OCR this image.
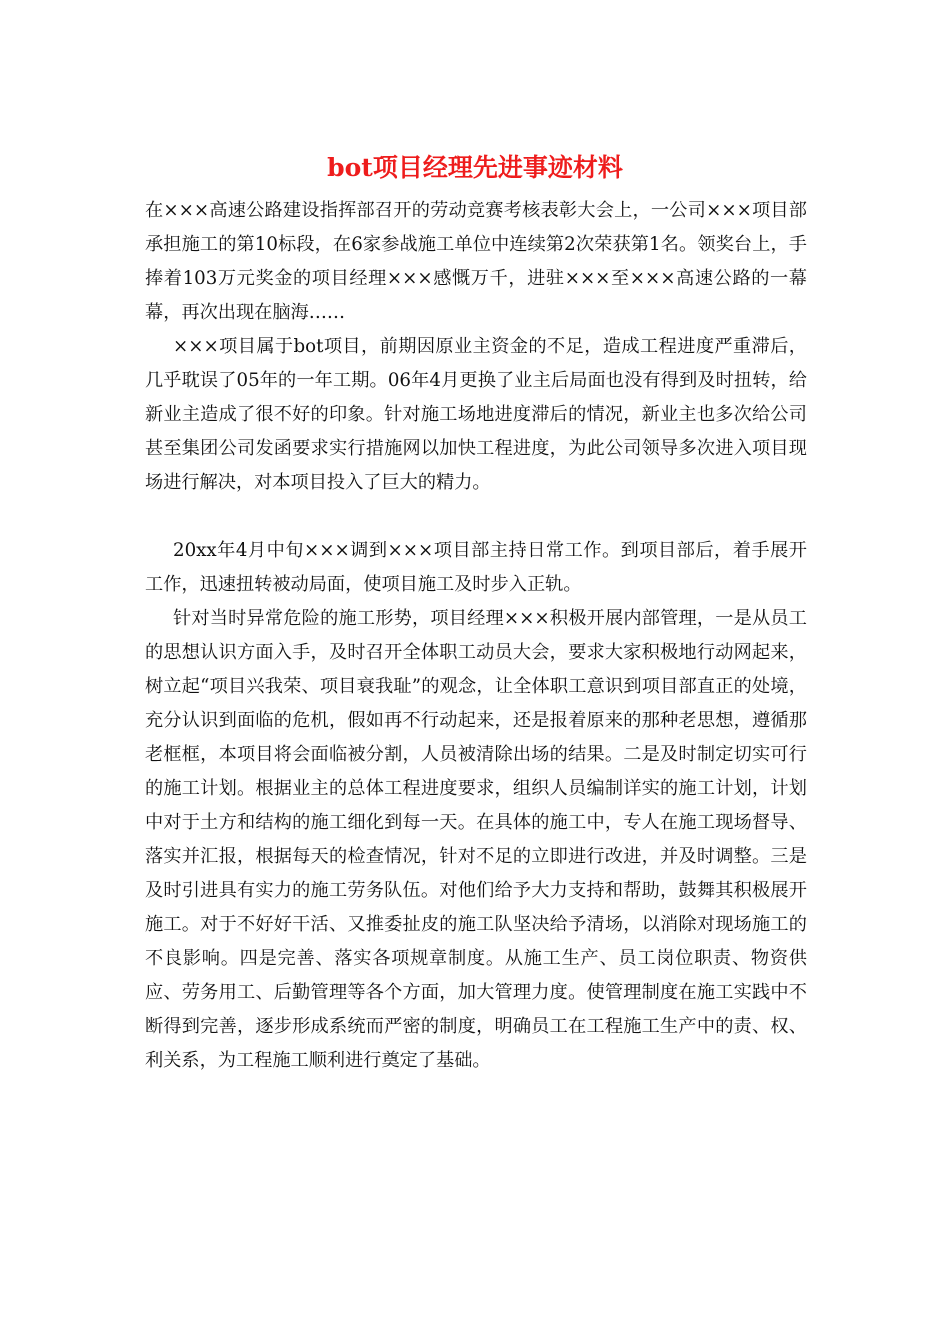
bot项目经理先进事迹材料

在×××高速公路建设指挥部召开的劳动竞赛考核表彰大会上，一公司×××项目部承担施工的第10标段，在6家参战施工单位中连续第2次荣获第1名。领奖台上，手捧着103万元奖金的项目经理×××感慨万千，进驻×××至×××高速公路的一幕幕，再次出现在脑海……

×××项目属于bot项目，前期因原业主资金的不足，造成工程进度严重滞后，几乎耽误了05年的一年工期。06年4月更换了业主后局面也没有得到及时扭转，给新业主造成了很不好的印象。针对施工场地进度滞后的情况，新业主也多次给公司甚至集团公司发函要求实行措施网以加快工程进度，为此公司领导多次进入项目现场进行解决，对本项目投入了巨大的精力。

20xx年4月中旬×××调到×××项目部主持日常工作。到项目部后，着手展开工作，迅速扭转被动局面，使项目施工及时步入正轨。

针对当时异常危险的施工形势，项目经理×××积极开展内部管理，一是从员工的思想认识方面入手，及时召开全体职工动员大会，要求大家积极地行动网起来，树立起“项目兴我荣、项目衰我耻”的观念，让全体职工意识到项目部直正的处境，充分认识到面临的危机，假如再不行动起来，还是报着原来的那种老思想，遵循那老框框，本项目将会面临被分割，人员被清除出场的结果。二是及时制定切实可行的施工计划。根据业主的总体工程进度要求，组织人员编制详实的施工计划，计划中对于土方和结构的施工细化到每一天。在具体的施工中，专人在施工现场督导、落实并汇报，根据每天的检查情况，针对不足的立即进行改进，并及时调整。三是及时引进具有实力的施工劳务队伍。对他们给予大力支持和帮助，鼓舞其积极展开施工。对于不好好干活、又推委扯皮的施工队坚决给予清场，以消除对现场施工的不良影响。四是完善、落实各项规章制度。从施工生产、员工岗位职责、物资供应、劳务用工、后勤管理等各个方面，加大管理力度。使管理制度在施工实践中不断得到完善，逐步形成系统而严密的制度，明确员工在工程施工生产中的责、权、利关系，为工程施工顺利进行奠定了基础。
